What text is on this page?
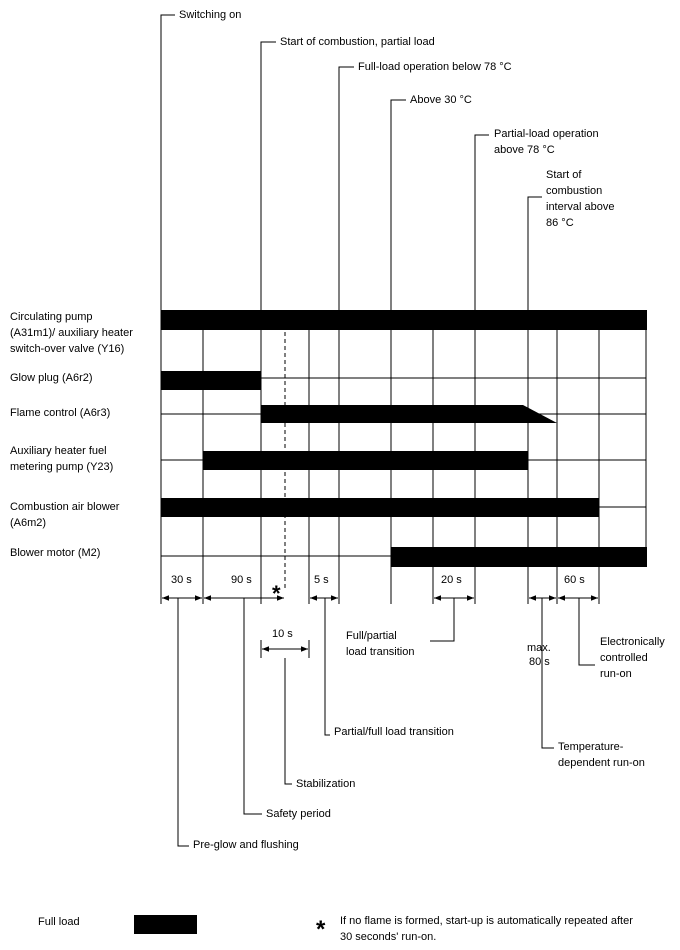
Switching on
Start of combustion, partial load
Full-load operation below 78 °C
Above 30 °C
Partial-load operation
above 78 °C
Start of
combustion
interval above
86 °C
Circulating pump
(A31m1)/ auxiliary heater
switch-over valve (Y16)
Glow plug (A6r2)
Flame control (A6r3)
Auxiliary heater fuel
metering pump (Y23)
Combustion air blower
(A6m2)
Blower motor (M2)
30 s	90 s	5 s	20 s	60 s
10 s
max.
80 s
*
Full/partial
load transition
Electronically
controlled
run-on
Partial/full load transition
Temperature-
dependent run-on
Stabilization
Safety period
Pre-glow and flushing
Full load	* If no flame is formed, start-up is automatically repeated after
30 seconds' run-on.
